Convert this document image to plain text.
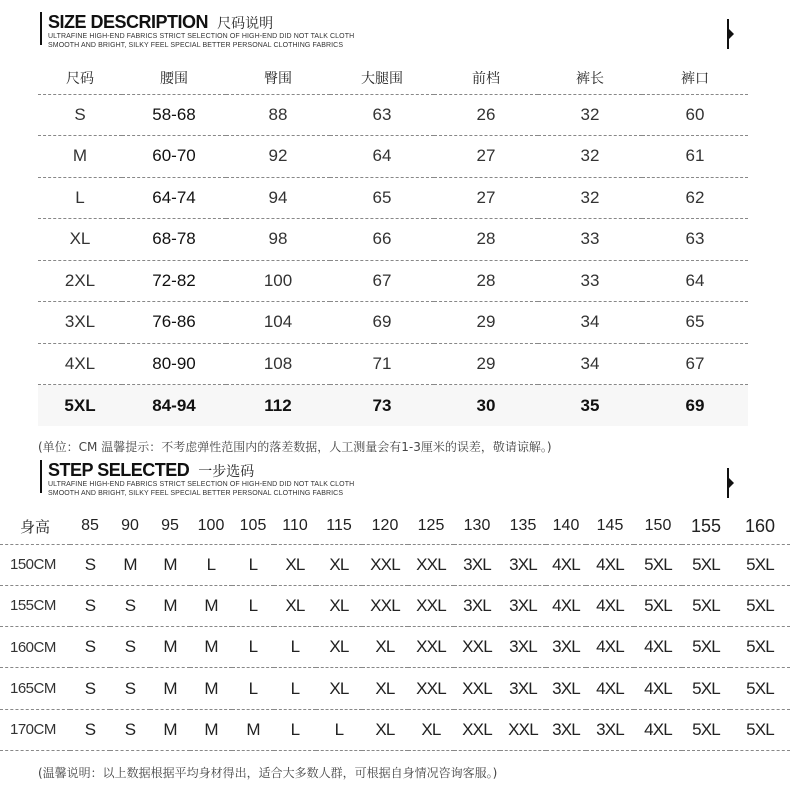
SIZE DESCRIPTION 尺码说明
ULTRAFINE HIGH-END FABRICS STRICT SELECTION OF HIGH-END DID NOT TALK CLOTH
SMOOTH AND BRIGHT, SILKY FEEL SPECIAL BETTER PERSONAL CLOTHING FABRICS
尺码	腰围	臀围	大腿围	前档	裤长	裤口
S	58-68	88	63	26	32	60
M	60-70	92	64	27	32	61
L	64-74	94	65	27	32	62
XL	68-78	98	66	28	33	63
2XL	72-82	100	67	28	33	64
3XL	76-86	104	69	29	34	65
4XL	80-90	108	71	29	34	67
5XL	84-94	112	73	30	35	69
(单位：CM 温馨提示：不考虑弹性范围内的落差数据，人工测量会有1-3厘米的误差，敬请谅解。)
STEP SELECTED 一步选码
ULTRAFINE HIGH-END FABRICS STRICT SELECTION OF HIGH-END DID NOT TALK CLOTH
SMOOTH AND BRIGHT, SILKY FEEL SPECIAL BETTER PERSONAL CLOTHING FABRICS
身高	85	90	95	100	105	110	115	120	125	130	135	140	145	150	155	160
150CM	S	M	M	L	L	XL	XL	XXL	XXL	3XL	3XL	4XL	4XL	5XL	5XL	5XL
155CM	S	S	M	M	L	XL	XL	XXL	XXL	3XL	3XL	4XL	4XL	5XL	5XL	5XL
160CM	S	S	M	M	L	L	XL	XL	XXL	XXL	3XL	3XL	4XL	4XL	5XL	5XL
165CM	S	S	M	M	L	L	XL	XL	XXL	XXL	3XL	3XL	4XL	4XL	5XL	5XL
170CM	S	S	M	M	M	L	L	XL	XL	XXL	XXL	3XL	3XL	4XL	5XL	5XL
(温馨说明：以上数据根据平均身材得出，适合大多数人群，可根据自身情况咨询客服。)
